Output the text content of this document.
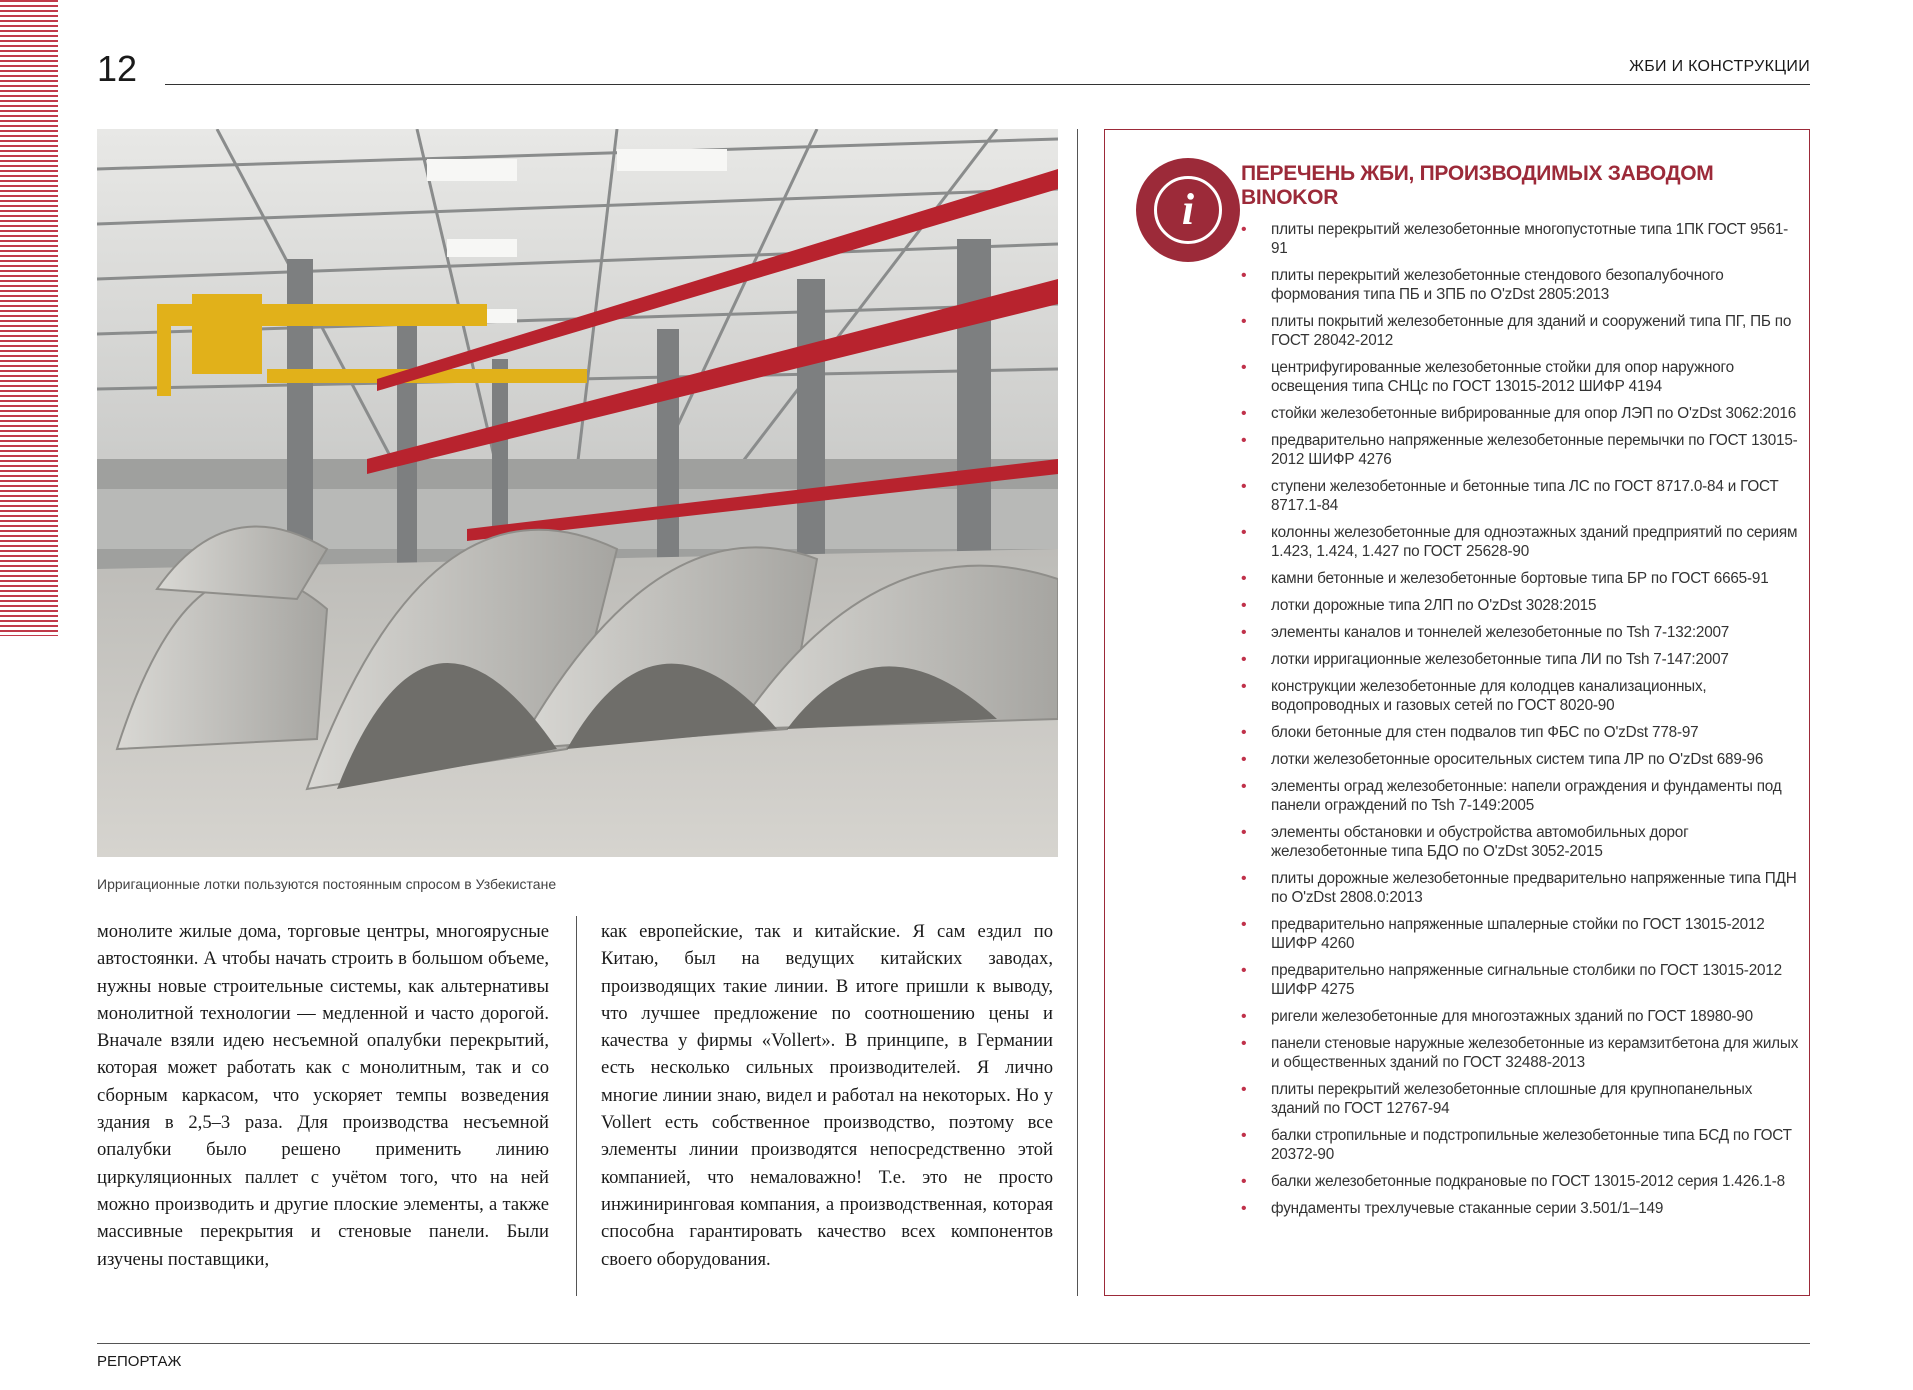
12	ЖБИ И КОНСТРУКЦИИ
Ирригационные лотки пользуются постоянным спросом в Узбекистане
монолите жилые дома, торговые центры, многоярусные автостоянки. А чтобы начать строить в большом объеме, нужны новые строительные системы, как альтернативы монолитной технологии — медленной и часто дорогой. Вначале взяли идею несъемной опалубки перекрытий, которая может работать как с монолитным, так и со сборным каркасом, что ускоряет темпы возведения здания в 2,5–3 раза. Для производства несъемной опалубки было решено применить линию циркуляционных паллет с учётом того, что на ней можно производить и другие плоские элементы, а также массивные перекрытия и стеновые панели. Были изучены поставщики,
как европейские, так и китайские. Я сам ездил по Китаю, был на ведущих китайских заводах, производящих такие линии. В итоге пришли к выводу, что лучшее предложение по соотношению цены и качества у фирмы «Vollert». В принципе, в Германии есть несколько сильных производителей. Я лично многие линии знаю, видел и работал на некоторых. Но у Vollert есть собственное производство, поэтому все элементы линии производятся непосредственно этой компанией, что немаловажно! Т.е. это не просто инжиниринговая компания, а производственная, которая способна гарантировать качество всех компонентов своего оборудования.
i
ПЕРЕЧЕНЬ ЖБИ, ПРОИЗВОДИМЫХ ЗАВОДОМ BINOKOR
• плиты перекрытий железобетонные многопустотные типа 1ПК ГОСТ 9561-91
• плиты перекрытий железобетонные стендового безопалубочного формования типа ПБ и ЗПБ по O'zDst 2805:2013
• плиты покрытий железобетонные для зданий и сооружений типа ПГ, ПБ по ГОСТ 28042-2012
• центрифугированные железобетонные стойки для опор наружного освещения типа СНЦс по ГОСТ 13015-2012 ШИФР 4194
• стойки железобетонные вибрированные для опор ЛЭП по O'zDst 3062:2016
• предварительно напряженные железобетонные перемычки по ГОСТ 13015-2012 ШИФР 4276
• ступени железобетонные и бетонные типа ЛС по ГОСТ 8717.0-84 и ГОСТ 8717.1-84
• колонны железобетонные для одноэтажных зданий предприятий по сериям 1.423, 1.424, 1.427 по ГОСТ 25628-90
• камни бетонные и железобетонные бортовые типа БР по ГОСТ 6665-91
• лотки дорожные типа 2ЛП по O'zDst 3028:2015
• элементы каналов и тоннелей железобетонные по Tsh 7-132:2007
• лотки ирригационные железобетонные типа ЛИ по Tsh 7-147:2007
• конструкции железобетонные для колодцев канализационных, водопроводных и газовых сетей по ГОСТ 8020-90
• блоки бетонные для стен подвалов тип ФБС по O'zDst 778-97
• лотки железобетонные оросительных систем типа ЛР по O'zDst 689-96
• элементы оград железобетонные: напели ограждения и фундаменты под панели ограждений по Tsh 7-149:2005
• элементы обстановки и обустройства автомобильных дорог железобетонные типа БДО по O'zDst 3052-2015
• плиты дорожные железобетонные предварительно напряженные типа ПДН по O'zDst 2808.0:2013
• предварительно напряженные шпалерные стойки по ГОСТ 13015-2012 ШИФР 4260
• предварительно напряженные сигнальные столбики по ГОСТ 13015-2012 ШИФР 4275
• ригели железобетонные для многоэтажных зданий по ГОСТ 18980-90
• панели стеновые наружные железобетонные из керамзитбетона для жилых и общественных зданий по ГОСТ 32488-2013
• плиты перекрытий железобетонные сплошные для крупнопанельных зданий по ГОСТ 12767-94
• балки стропильные и подстропильные железобетонные типа БСД по ГОСТ 20372-90
• балки железобетонные подкрановые по ГОСТ 13015-2012 серия 1.426.1-8
• фундаменты трехлучевые стаканные серии 3.501/1–149
РЕПОРТАЖ
